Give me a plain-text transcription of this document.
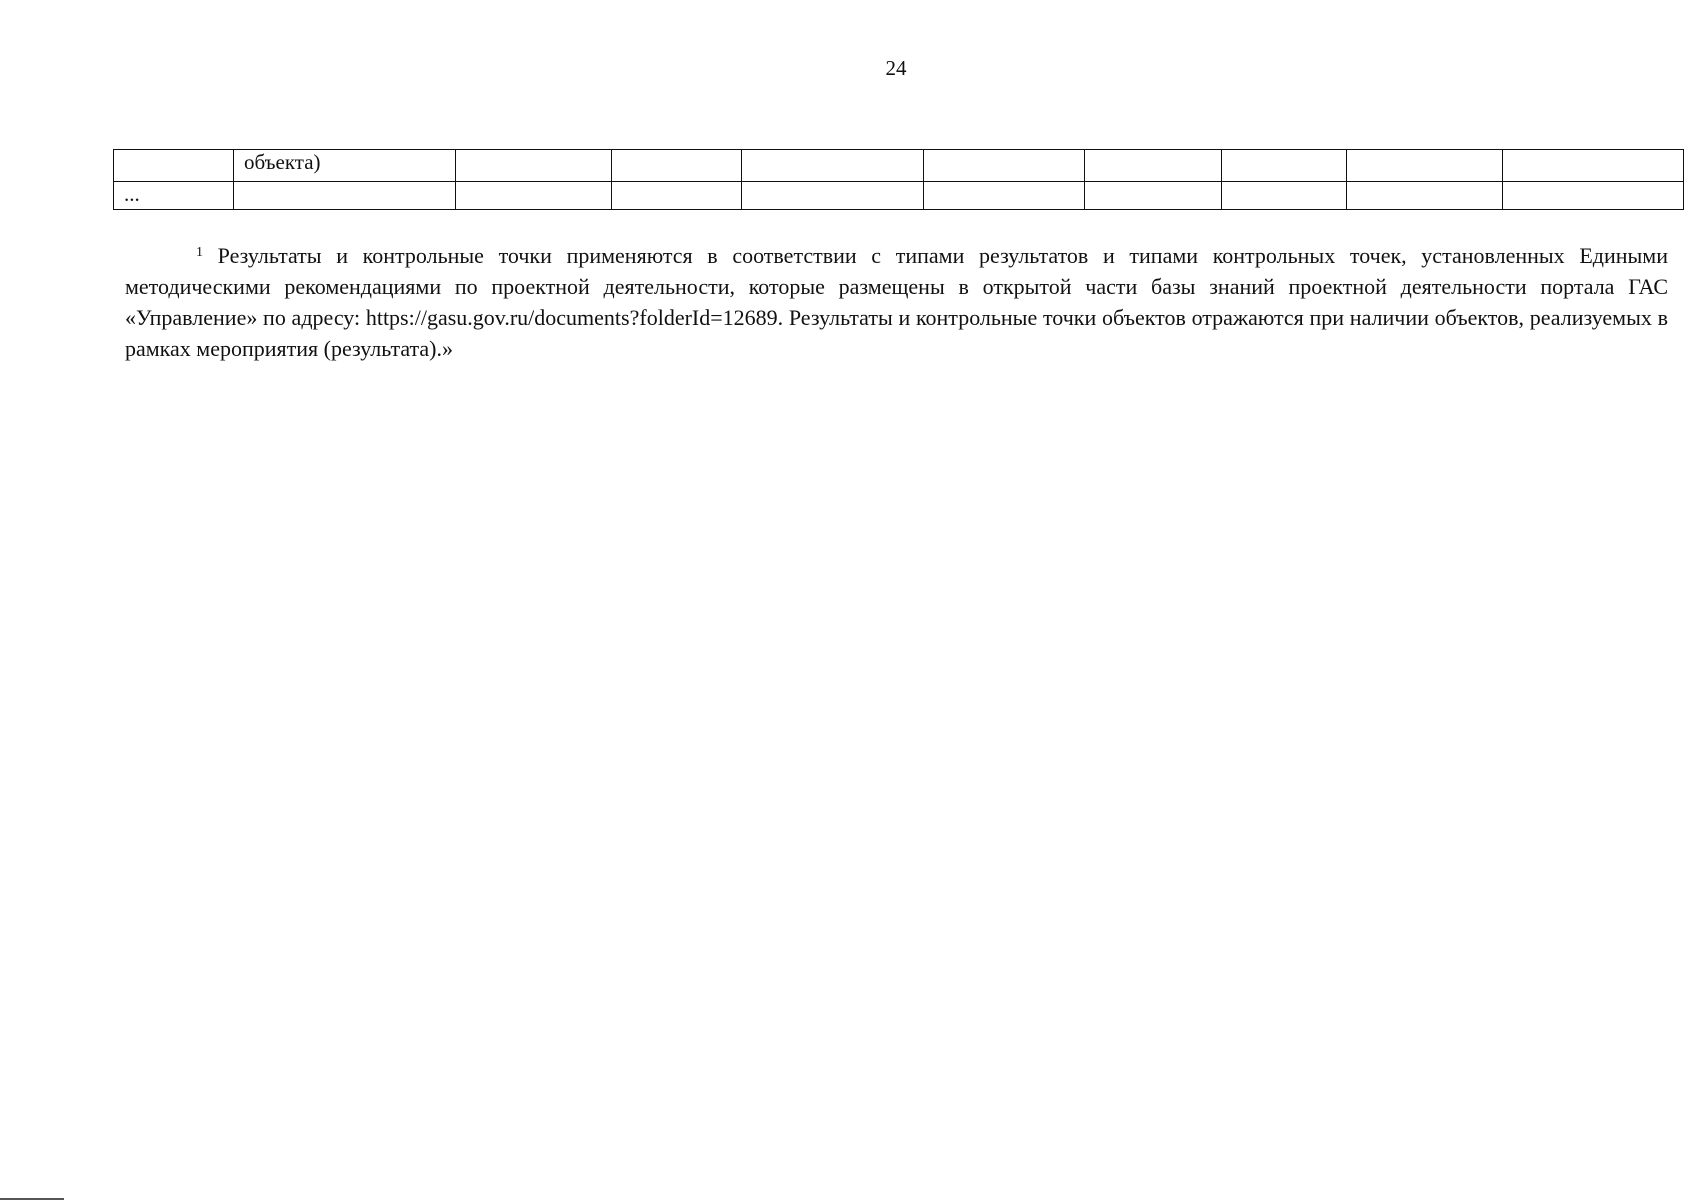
24
	объекта)								
...									
$^1$ Результаты и контрольные точки применяются в соответствии с типами результатов и типами контрольных точек, установленных Едиными методическими рекомендациями по проектной деятельности, которые размещены в открытой части базы знаний проектной деятельности портала ГАС «Управление» по адресу: https://gasu.gov.ru/documents?folderId=12689. Результаты и контрольные точки объектов отражаются при наличии объектов, реализуемых в рамках мероприятия (результата).»
